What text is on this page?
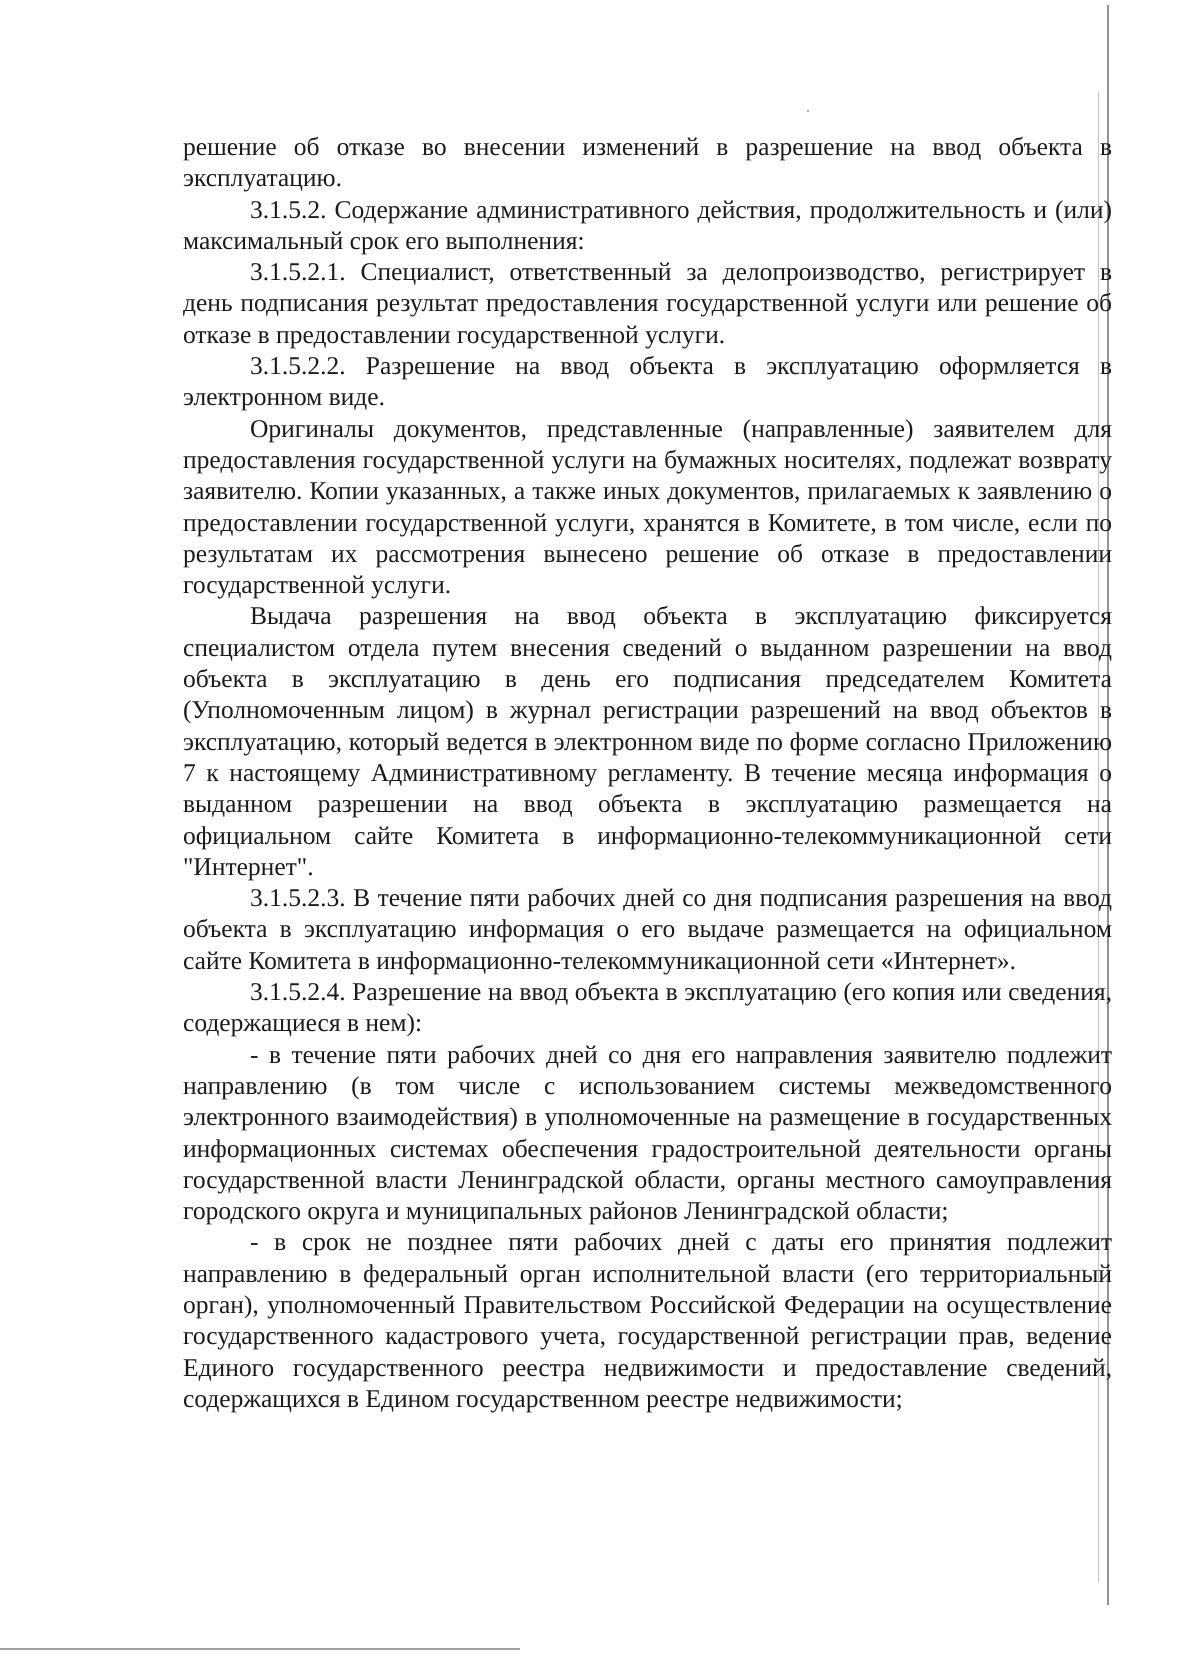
решение об отказе во внесении изменений в разрешение на ввод объекта в эксплуатацию.

3.1.5.2. Содержание административного действия, продолжительность и (или) максимальный срок его выполнения:

3.1.5.2.1. Специалист, ответственный за делопроизводство, регистрирует в день подписания результат предоставления государственной услуги или решение об отказе в предоставлении государственной услуги.

3.1.5.2.2. Разрешение на ввод объекта в эксплуатацию оформляется в электронном виде.

Оригиналы документов, представленные (направленные) заявителем для предоставления государственной услуги на бумажных носителях, подлежат возврату заявителю. Копии указанных, а также иных документов, прилагаемых к заявлению о предоставлении государственной услуги, хранятся в Комитете, в том числе, если по результатам их рассмотрения вынесено решение об отказе в предоставлении государственной услуги.

Выдача разрешения на ввод объекта в эксплуатацию фиксируется специалистом отдела путем внесения сведений о выданном разрешении на ввод объекта в эксплуатацию в день его подписания председателем Комитета (Уполномоченным лицом) в журнал регистрации разрешений на ввод объектов в эксплуатацию, который ведется в электронном виде по форме согласно Приложению 7 к настоящему Административному регламенту. В течение месяца информация о выданном разрешении на ввод объекта в эксплуатацию размещается на официальном сайте Комитета в информационно-телекоммуникационной сети "Интернет".

3.1.5.2.3. В течение пяти рабочих дней со дня подписания разрешения на ввод объекта в эксплуатацию информация о его выдаче размещается на официальном сайте Комитета в информационно-телекоммуникационной сети «Интернет».

3.1.5.2.4. Разрешение на ввод объекта в эксплуатацию (его копия или сведения, содержащиеся в нем):

- в течение пяти рабочих дней со дня его направления заявителю подлежит направлению (в том числе с использованием системы межведомственного электронного взаимодействия) в уполномоченные на размещение в государственных информационных системах обеспечения градостроительной деятельности органы государственной власти Ленинградской области, органы местного самоуправления городского округа и муниципальных районов Ленинградской области;

- в срок не позднее пяти рабочих дней с даты его принятия подлежит направлению в федеральный орган исполнительной власти (его территориальный орган), уполномоченный Правительством Российской Федерации на осуществление государственного кадастрового учета, государственной регистрации прав, ведение Единого государственного реестра недвижимости и предоставление сведений, содержащихся в Едином государственном реестре недвижимости;
